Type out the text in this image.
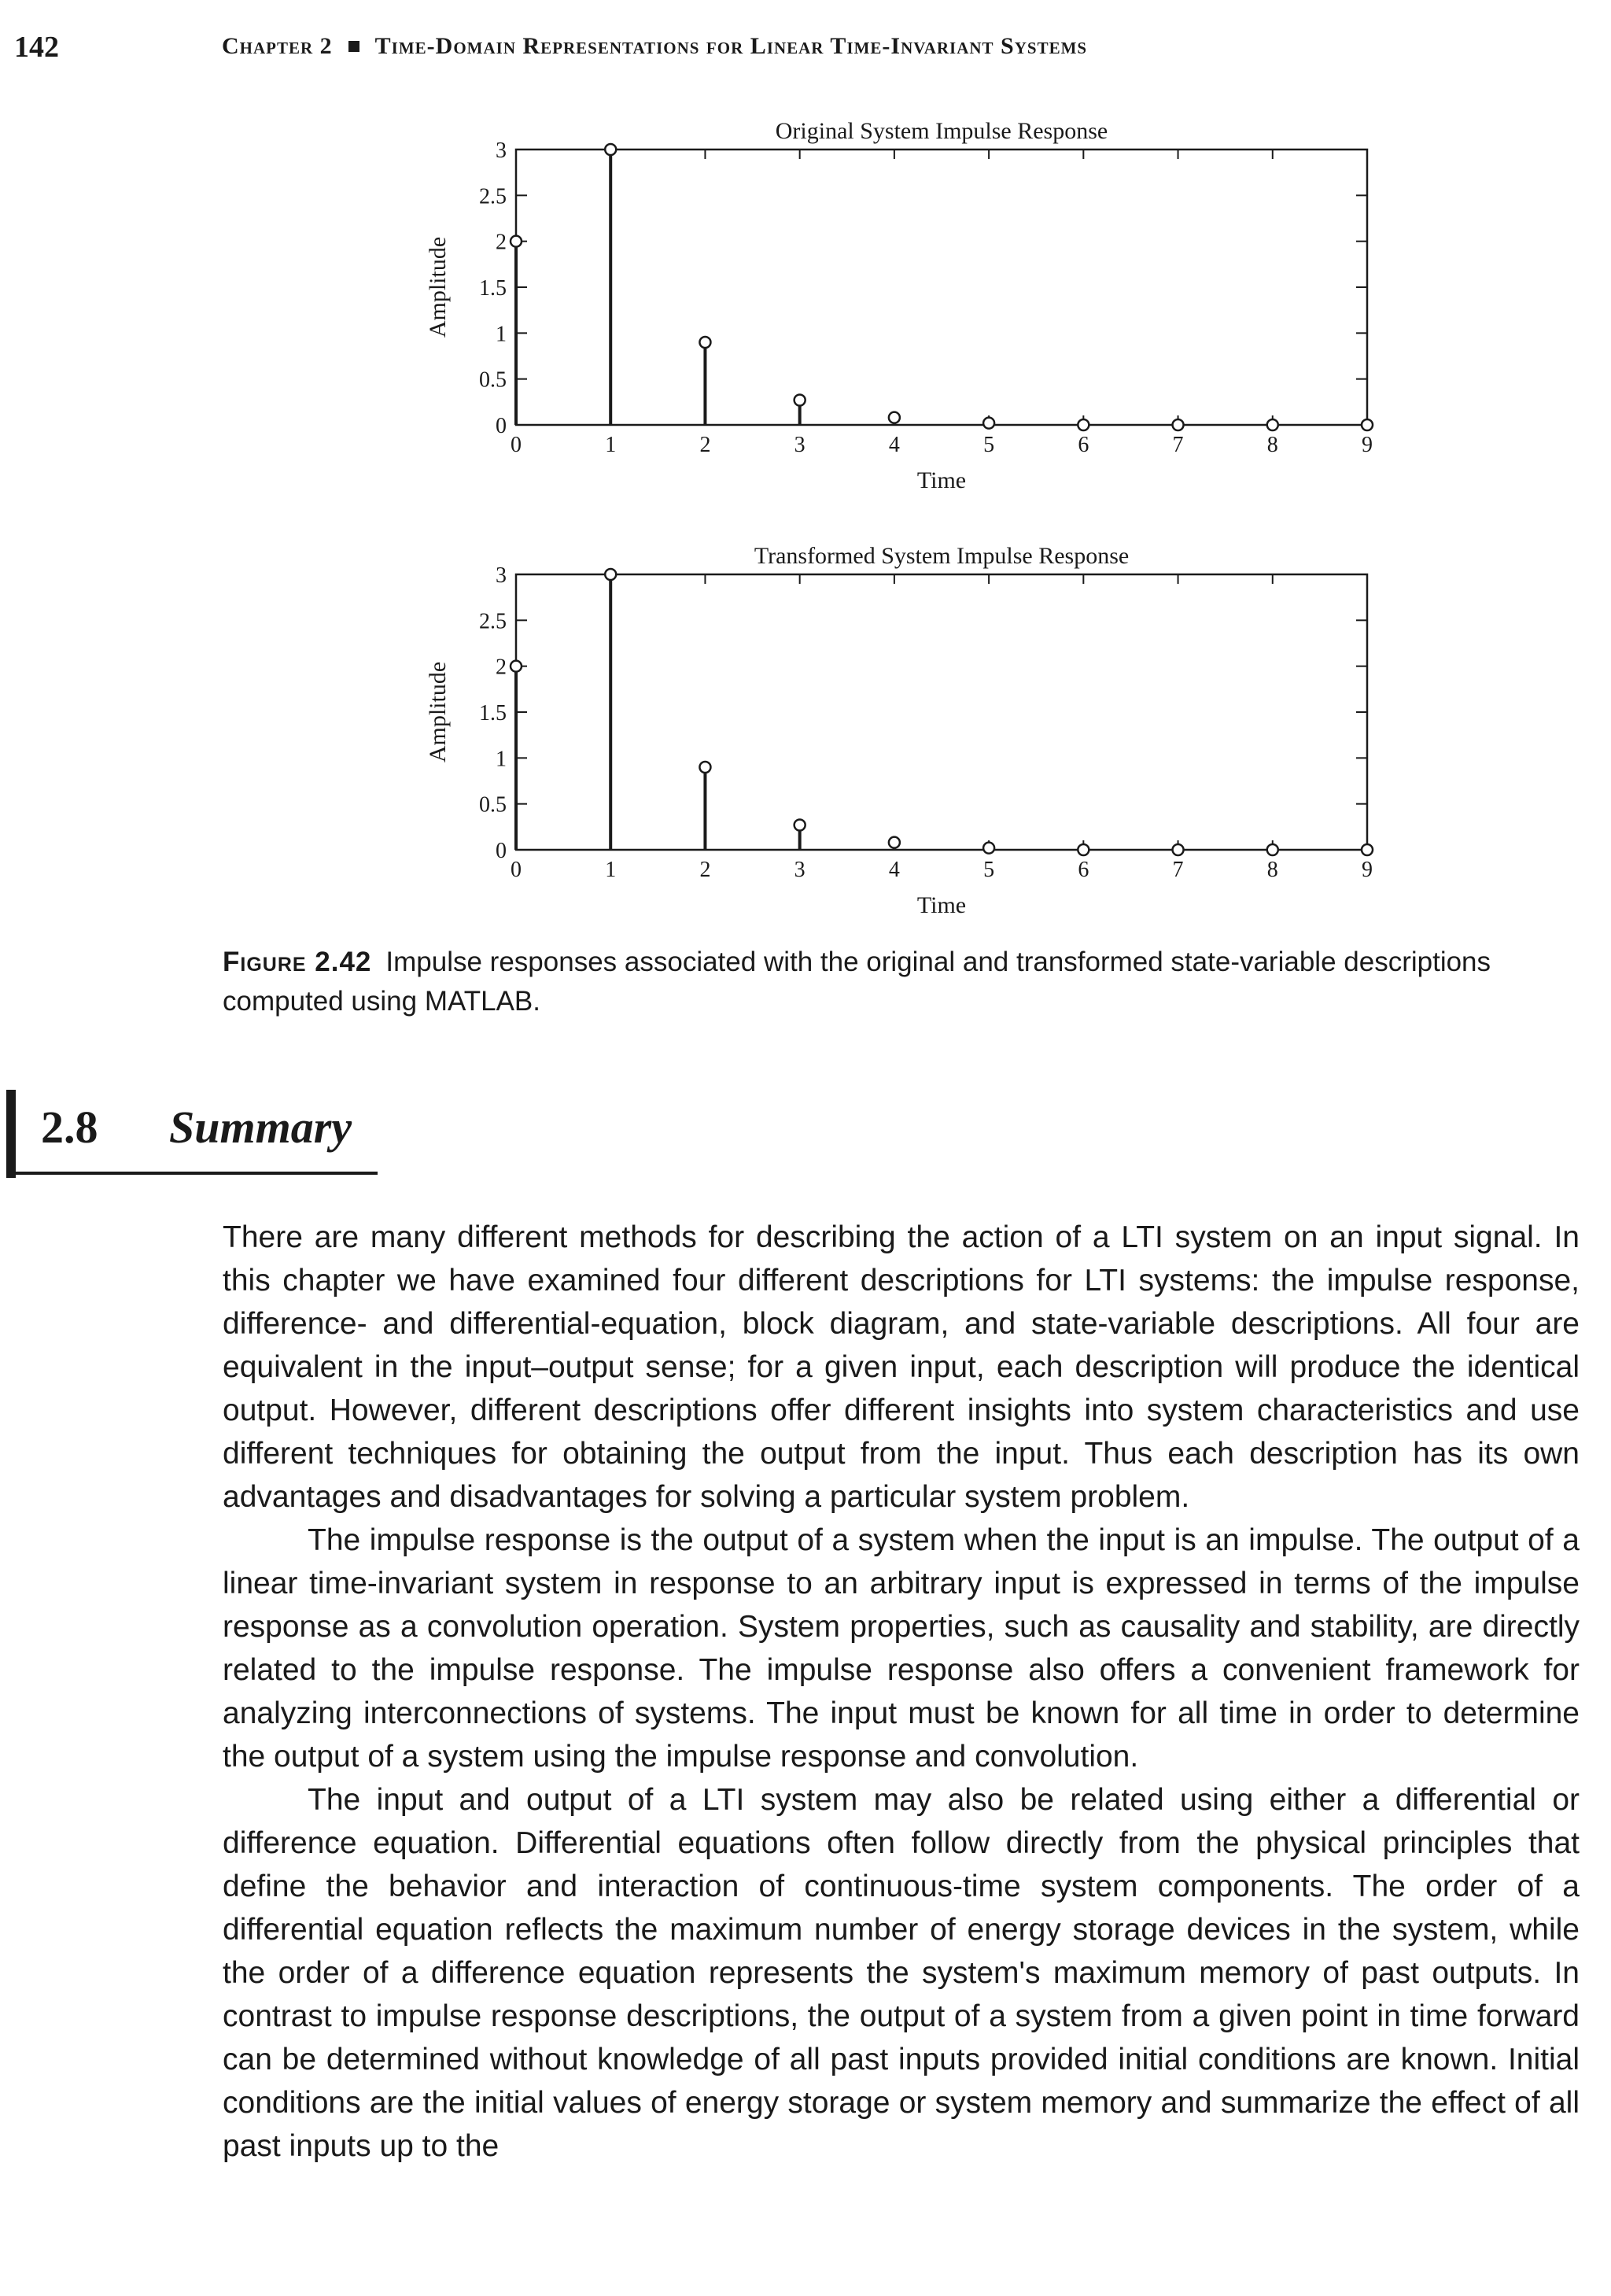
142	Chapter 2 Time-Domain Representations for Linear Time-Invariant Systems
0	1	2	3	4	5	6	7	8	9
0
0.5
1
1.5
2
2.5
3
Original System Impulse Response
Time
Amplitude
0	1	2	3	4	5	6	7	8	9
0
0.5
1
1.5
2
2.5
3
Transformed System Impulse Response
Time
Amplitude
Figure 2.42 Impulse responses associated with the original and transformed state-variable descriptions computed using MATLAB.
2.8 Summary

There are many different methods for describing the action of a LTI system on an input signal. In this chapter we have examined four different descriptions for LTI systems: the impulse response, difference- and differential-equation, block diagram, and state-variable descriptions. All four are equivalent in the input–output sense; for a given input, each description will produce the identical output. However, different descriptions offer different insights into system characteristics and use different techniques for obtaining the output from the input. Thus each description has its own advantages and disadvantages for solving a particular system problem.

The impulse response is the output of a system when the input is an impulse. The output of a linear time-invariant system in response to an arbitrary input is expressed in terms of the impulse response as a convolution operation. System properties, such as causality and stability, are directly related to the impulse response. The impulse response also offers a convenient framework for analyzing interconnections of systems. The input must be known for all time in order to determine the output of a system using the impulse response and convolution.

The input and output of a LTI system may also be related using either a differential or difference equation. Differential equations often follow directly from the physical principles that define the behavior and interaction of continuous-time system components. The order of a differential equation reflects the maximum number of energy storage devices in the system, while the order of a difference equation represents the system's maximum memory of past outputs. In contrast to impulse response descriptions, the output of a system from a given point in time forward can be determined without knowledge of all past inputs provided initial conditions are known. Initial conditions are the initial values of energy storage or system memory and summarize the effect of all past inputs up to the
